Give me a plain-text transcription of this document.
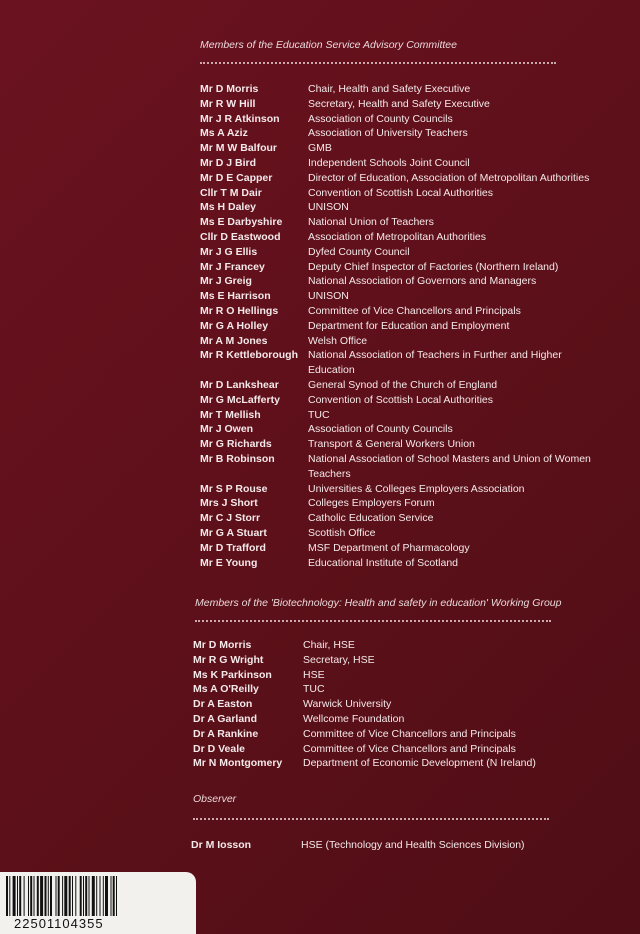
Members of the Education Service Advisory Committee
Mr D Morris	Chair, Health and Safety Executive
Mr R W Hill	Secretary, Health and Safety Executive
Mr J R Atkinson	Association of County Councils
Ms A Aziz	Association of University Teachers
Mr M W Balfour	GMB
Mr D J Bird	Independent Schools Joint Council
Mr D E Capper	Director of Education, Association of Metropolitan Authorities
Cllr T M Dair	Convention of Scottish Local Authorities
Ms H Daley	UNISON
Ms E Darbyshire	National Union of Teachers
Cllr D Eastwood	Association of Metropolitan Authorities
Mr J G Ellis	Dyfed County Council
Mr J Francey	Deputy Chief Inspector of Factories (Northern Ireland)
Mr J Greig	National Association of Governors and Managers
Ms E Harrison	UNISON
Mr R O Hellings	Committee of Vice Chancellors and Principals
Mr G A Holley	Department for Education and Employment
Mr A M Jones	Welsh Office
Mr R Kettleborough National Association of Teachers in Further and Higher Education
Mr D Lankshear	General Synod of the Church of England
Mr G McLafferty	Convention of Scottish Local Authorities
Mr T Mellish	TUC
Mr J Owen	Association of County Councils
Mr G Richards	Transport & General Workers Union
Mr B Robinson	National Association of School Masters and Union of Women Teachers
Mr S P Rouse	Universities & Colleges Employers Association
Mrs J Short	Colleges Employers Forum
Mr C J Storr	Catholic Education Service
Mr G A Stuart	Scottish Office
Mr D Trafford	MSF Department of Pharmacology
Mr E Young	Educational Institute of Scotland
Members of the 'Biotechnology: Health and safety in education' Working Group
Mr D Morris	Chair, HSE
Mr R G Wright	Secretary, HSE
Ms K Parkinson	HSE
Ms A O'Reilly	TUC
Dr A Easton	Warwick University
Dr A Garland	Wellcome Foundation
Dr A Rankine	Committee of Vice Chancellors and Principals
Dr D Veale	Committee of Vice Chancellors and Principals
Mr N Montgomery	Department of Economic Development (N Ireland)
Observer
Dr M Iosson	HSE (Technology and Health Sciences Division)
22501104355
